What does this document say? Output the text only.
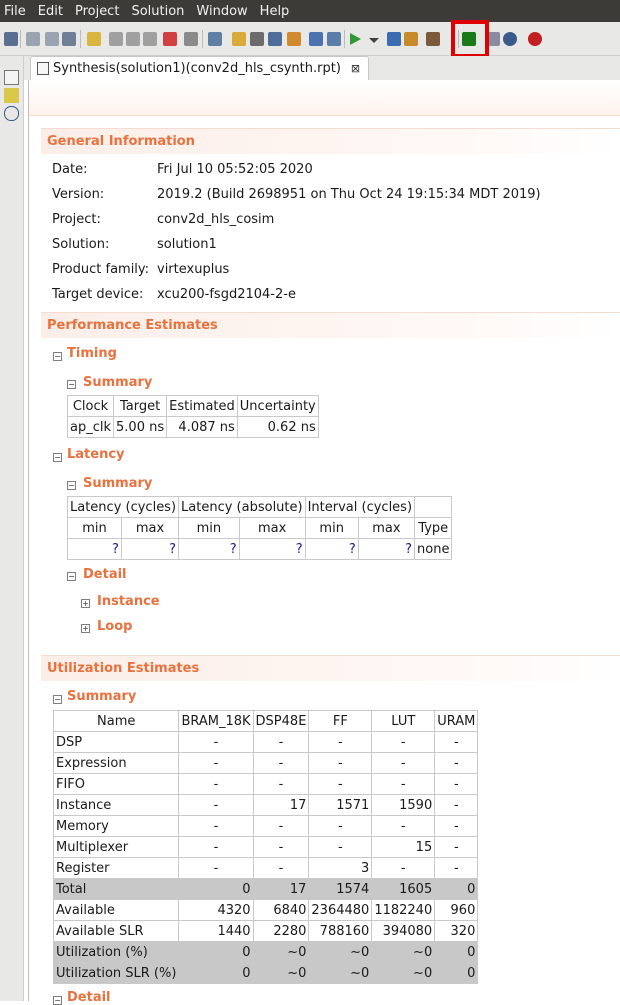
File Edit Project Solution Window Help
Synthesis(solution1)(conv2d_hls_csynth.rpt) ⊠
General Information
Date:	Fri Jul 10 05:52:05 2020
Version:	2019.2 (Build 2698951 on Thu Oct 24 19:15:34 MDT 2019)
Project:	conv2d_hls_cosim
Solution:	solution1
Product family: virtexuplus
Target device: xcu200-fsgd2104-2-e
Performance Estimates
− Timing
− Summary
Clock	Target	Estimated	Uncertainty
ap_clk	5.00 ns	4.087 ns	0.62 ns
− Latency
− Summary
Latency (cycles)		Latency (absolute)		Interval (cycles)		
min	max	min	max	min	max	Type
?	?	?	?	?	?	none
− Detail
+ Instance
+ Loop
Utilization Estimates
− Summary
Name	BRAM_18K	DSP48E	FF	LUT	URAM
DSP	-	-	-	-	-
Expression	-	-	-	-	-
FIFO	-	-	-	-	-
Instance	-	17	1571	1590	-
Memory	-	-	-	-	-
Multiplexer	-	-	-	15	-
Register	-	-	3	-	-
Total	0	17	1574	1605	0
Available	4320	6840	2364480	1182240	960
Available SLR	1440	2280	788160	394080	320
Utilization (%)	0	~0	~0	~0	0
Utilization SLR (%)	0	~0	~0	~0	0
− Detail
